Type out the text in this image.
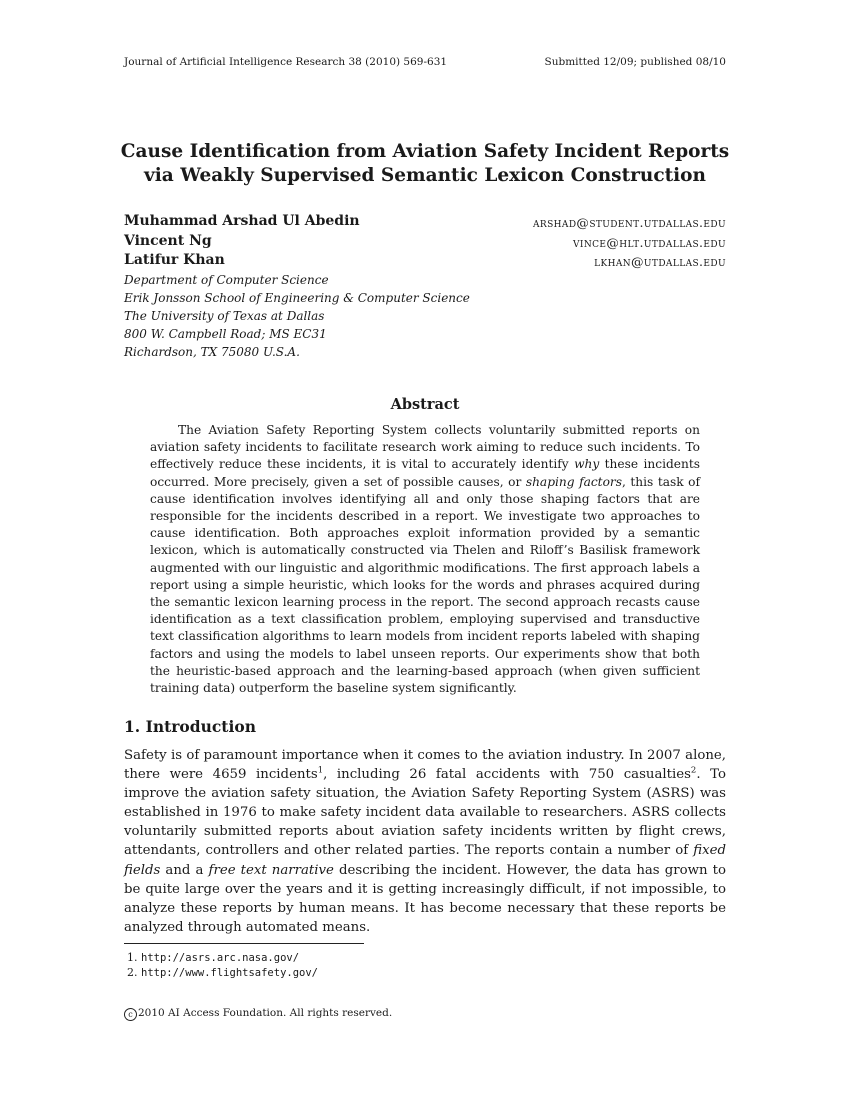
Journal of Artificial Intelligence Research 38 (2010) 569-631	Submitted 12/09; published 08/10
Cause Identification from Aviation Safety Incident Reports
via Weakly Supervised Semantic Lexicon Construction
Muhammad Arshad Ul Abedin	arshad@student.utdallas.edu
Vincent Ng	vince@hlt.utdallas.edu
Latifur Khan	lkhan@utdallas.edu
Department of Computer Science
Erik Jonsson School of Engineering & Computer Science
The University of Texas at Dallas
800 W. Campbell Road; MS EC31
Richardson, TX 75080 U.S.A.
Abstract
The Aviation Safety Reporting System collects voluntarily submitted reports on aviation safety incidents to facilitate research work aiming to reduce such incidents. To effectively reduce these incidents, it is vital to accurately identify why these incidents occurred. More precisely, given a set of possible causes, or shaping factors, this task of cause identification involves identifying all and only those shaping factors that are responsible for the incidents described in a report. We investigate two approaches to cause identification. Both approaches exploit information provided by a semantic lexicon, which is automatically constructed via Thelen and Riloff’s Basilisk framework augmented with our linguistic and algorithmic modifications. The first approach labels a report using a simple heuristic, which looks for the words and phrases acquired during the semantic lexicon learning process in the report. The second approach recasts cause identification as a text classification problem, employing supervised and transductive text classification algorithms to learn models from incident reports labeled with shaping factors and using the models to label unseen reports. Our experiments show that both the heuristic-based approach and the learning-based approach (when given sufficient training data) outperform the baseline system significantly.
1. Introduction
Safety is of paramount importance when it comes to the aviation industry. In 2007 alone, there were 4659 incidents$^1$, including 26 fatal accidents with 750 casualties$^2$. To improve the aviation safety situation, the Aviation Safety Reporting System (ASRS) was established in 1976 to make safety incident data available to researchers. ASRS collects voluntarily submitted reports about aviation safety incidents written by flight crews, attendants, controllers and other related parties. The reports contain a number of fixed fields and a free text narrative describing the incident. However, the data has grown to be quite large over the years and it is getting increasingly difficult, if not impossible, to analyze these reports by human means. It has become necessary that these reports be analyzed through automated means.
1. http://asrs.arc.nasa.gov/
2. http://www.flightsafety.gov/
c 2010 AI Access Foundation. All rights reserved.
